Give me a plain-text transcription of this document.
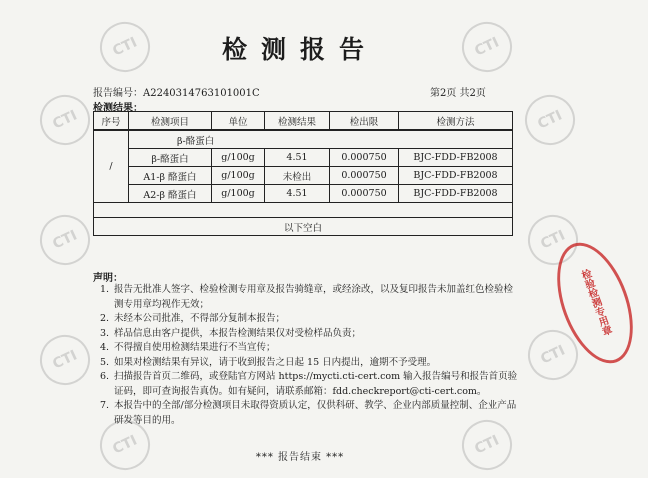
CTI	CTI
CTI	CTI
CTI	CTI
CTI	CTI
CTI	CTI
检测报告
报告编号：A2240314763101001C	第2页 共2页
检测结果：
序号	检测项目	单位	检测结果	检出限	检测方法
/	β-酪蛋白				
	β-酪蛋白	g/100g	4.51	0.000750	BJC-FDD-FB2008
	A1-β 酪蛋白	g/100g	未检出	0.000750	BJC-FDD-FB2008
	A2-β 酪蛋白	g/100g	4.51	0.000750	BJC-FDD-FB2008

以下空白					
声明：
1. 报告无批准人签字、检验检测专用章及报告骑缝章，或经涂改，以及复印报告未加盖红色检验检测专用章均视作无效；
2. 未经本公司批准，不得部分复制本报告；
3. 样品信息由客户提供，本报告检测结果仅对受检样品负责；
4. 不得擅自使用检测结果进行不当宣传；
5. 如果对检测结果有异议，请于收到报告之日起 15 日内提出，逾期不予受理。
6. 扫描报告首页二维码，或登陆官方网站 https://mycti.cti-cert.com 输入报告编号和报告首页验证码，即可查询报告真伪。如有疑问，请联系邮箱：fdd.checkreport@cti-cert.com。
7. 本报告中的全部/部分检测项目未取得资质认定，仅供科研、教学、企业内部质量控制、企业产品研发等目的用。
*** 报告结束 ***
检验检测专用章
